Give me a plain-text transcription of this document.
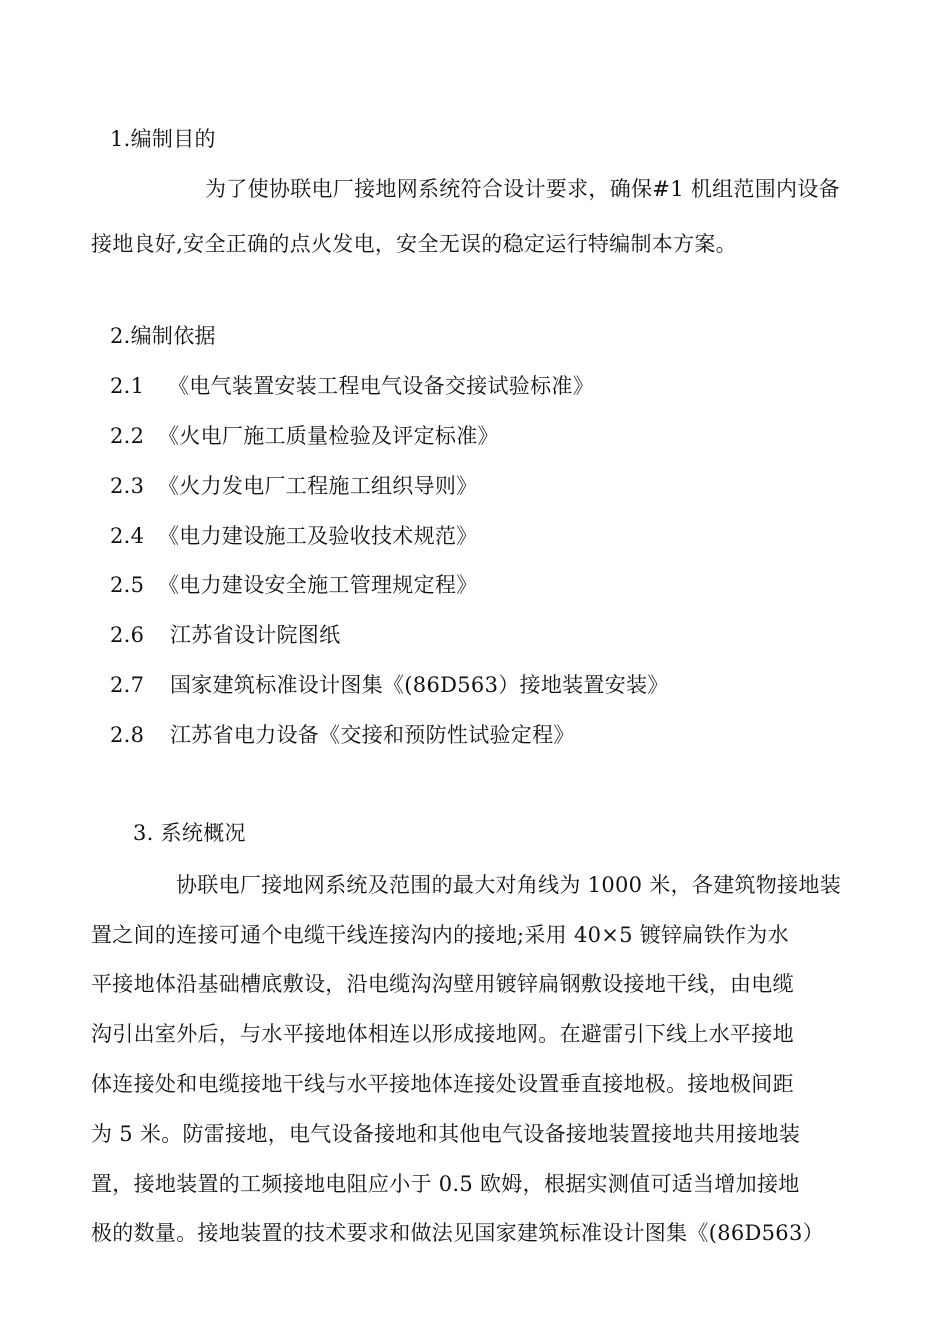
1.编制目的
为了使协联电厂接地网系统符合设计要求，确保#1 机组范围内设备
接地良好,安全正确的点火发电，安全无误的稳定运行特编制本方案。
2.编制依据
2.1 《电气装置安装工程电气设备交接试验标准》
2.2 《火电厂施工质量检验及评定标准》
2.3 《火力发电厂工程施工组织导则》
2.4 《电力建设施工及验收技术规范》
2.5 《电力建设安全施工管理规定程》
2.6 江苏省设计院图纸
2.7 国家建筑标准设计图集《(86D563）接地装置安装》
2.8 江苏省电力设备《交接和预防性试验定程》
3. 系统概况
协联电厂接地网系统及范围的最大对角线为 1000 米，各建筑物接地装
置之间的连接可通个电缆干线连接沟内的接地;采用 40×5 镀锌扁铁作为水
平接地体沿基础槽底敷设，沿电缆沟沟壁用镀锌扁钢敷设接地干线，由电缆
沟引出室外后，与水平接地体相连以形成接地网。在避雷引下线上水平接地
体连接处和电缆接地干线与水平接地体连接处设置垂直接地极。接地极间距
为 5 米。防雷接地，电气设备接地和其他电气设备接地装置接地共用接地装
置，接地装置的工频接地电阻应小于 0.5 欧姆，根据实测值可适当增加接地
极的数量。接地装置的技术要求和做法见国家建筑标准设计图集《(86D563）
